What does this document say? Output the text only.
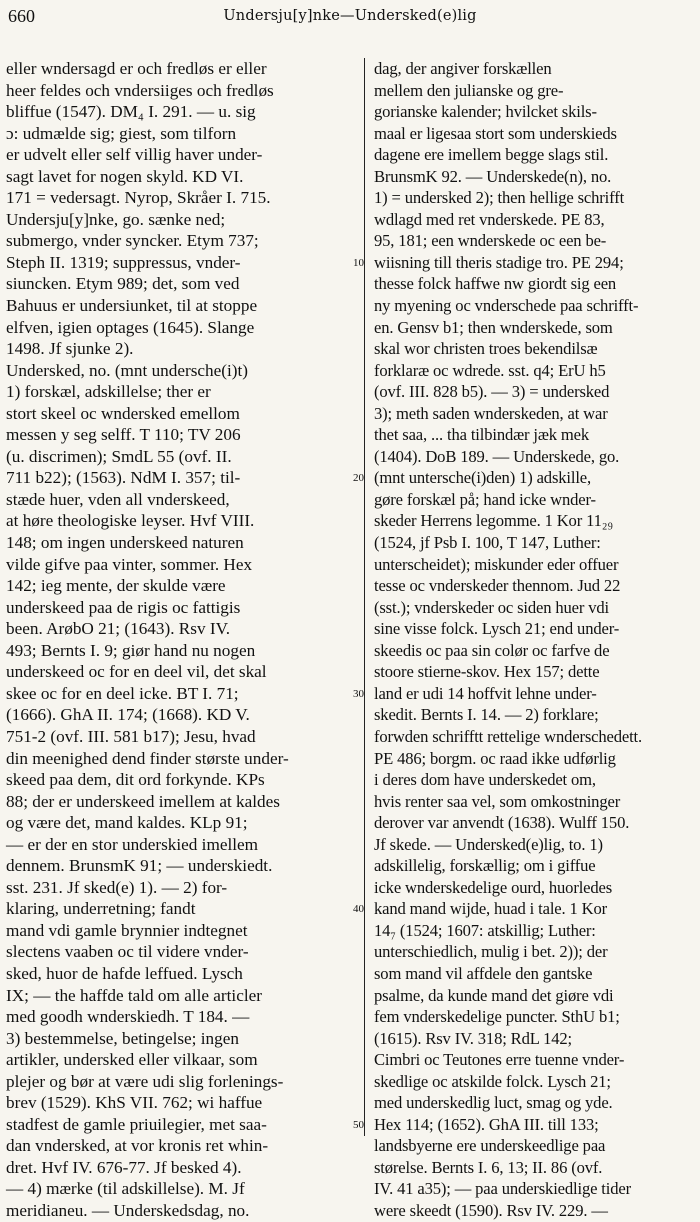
660	Undersju[y]nke—Undersked(e)lig
eller wndersagd er och fredløs er eller
heer feldes och vndersiiges och fredløs
bliffue (1547). DM₄ I. 291. — u. sig
ɔ: udmælde sig; giest, som tilforn
er udvelt eller self villig haver under-
sagt lavet for nogen skyld. KD VI.
171 = vedersagt. Nyrop, Skråer I. 715.
Undersju[y]nke, go. sænke ned;
submergo, vnder syncker. Etym 737;
Steph II. 1319; suppressus, vnder-
siuncken. Etym 989; det, som ved
Bahuus er undersiunket, til at stoppe
elfven, igien optages (1645). Slange
1498. Jf sjunke 2).
Undersked, no. (mnt underschе(i)t)
1) forskæl, adskillelse; ther er
stort skeel oc wndersked emellom
messen y seg selff. T 110; TV 206
(u. discrimen); SmdL 55 (ovf. II.
711 b22); (1563). NdM I. 357; til-
stæde huer, vden all vnderskeed,
at høre theologiske leyser. Hvf VIII.
148; om ingen underskeed naturen
vilde gifve paa vinter, sommer. Hex
142; ieg mente, der skulde være
underskeed paa de rigis oc fattigis
been. ArøbO 21; (1643). Rsv IV.
493; Bernts I. 9; giør hand nu nogen
underskeed oc for en deel vil, det skal
skee oc for en deel icke. BT I. 71;
(1666). GhA II. 174; (1668). KD V.
751-2 (ovf. III. 581 b17); Jesu, hvad
din meenighed dend finder største under-
skeed paa dem, dit ord forkynde. KPs
88; der er underskeed imellem at kaldes
og være det, mand kaldes. KLp 91;
— er der en stor underskied imellem
dennem. BrunsmK 91; — underskiedt.
sst. 231. Jf sked(e) 1). — 2) for-
klaring, underretning; fandt
mand vdi gamle brynnier indtegnet
slectens vaaben oc til videre vnder-
sked, huor de hafde leffued. Lysch
IX; — the haffde tald om alle articler
med goodh wnderskiedh. T 184. —
3) bestemmelse, betingelse; ingen
artikler, undersked eller vilkaar, som
plejer og bør at være udi slig forlenings-
brev (1529). KhS VII. 762; wi haffue
stadfest de gamle priuilegier, met saa-
dan vndersked, at vor kronis ret whin-
dret. Hvf IV. 676-77. Jf besked 4).
— 4) mærke (til adskillelse). M. Jf
meridianeu. — Underskedsdag, no.
10
20
30
40
50
dag, der angiver forskællen
mellem den julianske og gre-
gorianske kalender; hvilcket skils-
maal er ligesaa stort som underskieds
dagene ere imellem begge slags stil.
BrunsmK 92. — Underskede(n), no.
1) = undersked 2); then hellige schrifft
wdlagd med ret vnderskede. PE 83,
95, 181; een wnderskede oc een be-
wiisning till theris stadige tro. PE 294;
thesse folck haffwe nw giordt sig een
ny myening oc vnderschede paa schrifft-
en. Gensv b1; then wnderskede, som
skal wor christen troes bekendilsæ
forklaræ oc wdrede. sst. q4; ErU h5
(ovf. III. 828 b5). — 3) = undersked
3); meth saden wnderskeden, at war
thet saa, ... tha tilbindær jæk mek
(1404). DoB 189. — Underskede, go.
(mnt untersche(i)den) 1) adskille,
gøre forskæl på; hand icke wnder-
skeder Herrens legomme. 1 Kor 11₂₉
(1524, jf Psb I. 100, T 147, Luther:
unterscheidet); miskunder eder offuer
tesse oc vnderskeder thennom. Jud 22
(sst.); vnderskeder oc siden huer vdi
sine visse folck. Lysch 21; end under-
skeedis oc paa sin colør oc farfve de
stoore stierne-skov. Hex 157; dette
land er udi 14 hoffvit lehne under-
skedit. Bernts I. 14. — 2) forklare;
forwden schrifftt rettelige wnderschedett.
PE 486; borgm. oc raad ikke udførlig
i deres dom have underskedet om,
hvis renter saa vel, som omkostninger
derover var anvendt (1638). Wulff 150.
Jf skede. — Undersked(e)lig, to. 1)
adskillelig, forskællig; om i giffue
icke wnderskedelige ourd, huorledes
kand mand wijde, huad i tale. 1 Kor
14₇ (1524; 1607: atskillig; Luther:
unterschiedlich, mulig i bet. 2)); der
som mand vil affdele den gantske
psalme, da kunde mand det giøre vdi
fem vnderskedelige puncter. SthU b1;
(1615). Rsv IV. 318; RdL 142;
Cimbri oc Teutones erre tuenne vnder-
skedlige oc atskilde folck. Lysch 21;
med underskedlig luct, smag og ydе.
Hex 114; (1652). GhA III. till 133;
landsbyerne ere underskeedlige paa
størelse. Bernts I. 6, 13; II. 86 (ovf.
IV. 41 a35); — paa underskiedlige tider
were skeedt (1590). Rsv IV. 229. —
